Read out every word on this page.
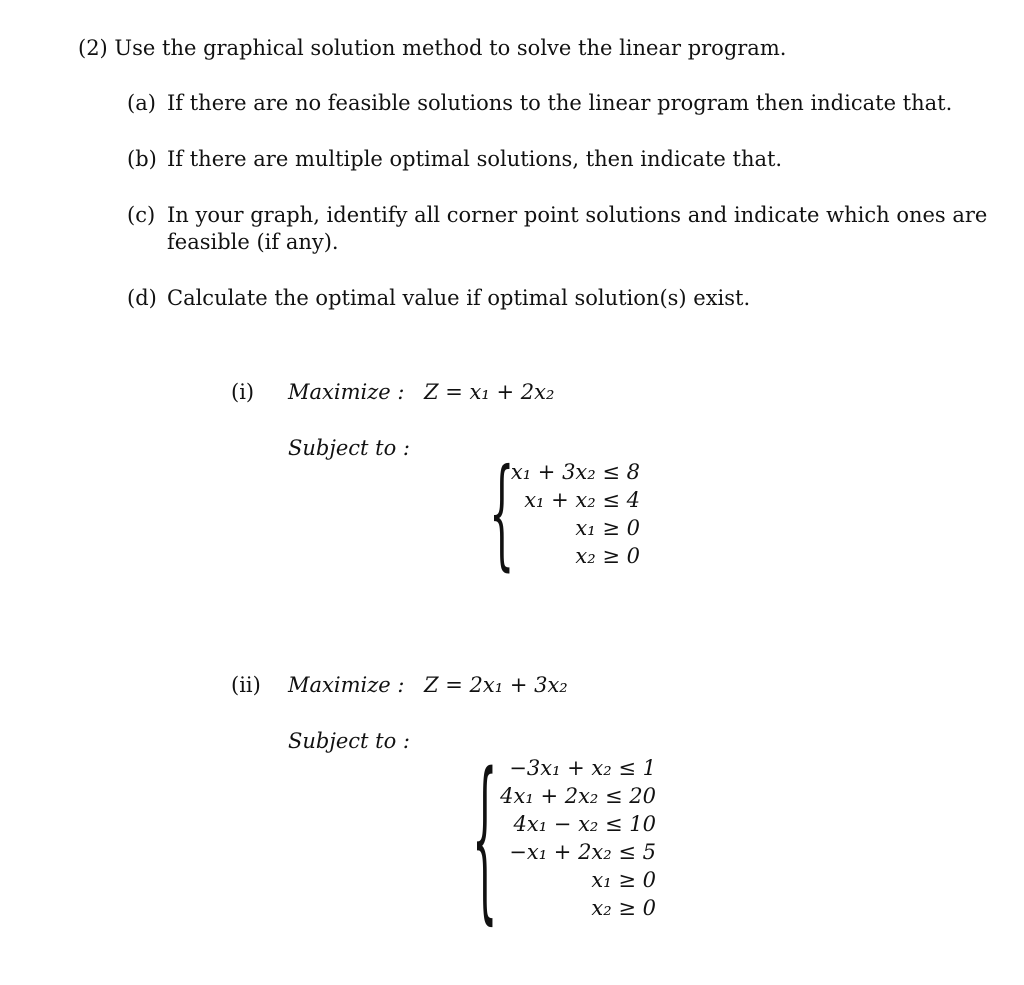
(2) Use the graphical solution method to solve the linear program.
(a) If there are no feasible solutions to the linear program then indicate that.
(b) If there are multiple optimal solutions, then indicate that.
(c) In your graph, identify all corner point solutions and indicate which ones are
feasible (if any).
(d) Calculate the optimal value if optimal solution(s) exist.
(i) Maximize : Z = x₁ + 2x₂
Subject to : {
x₁ + 3x₂ ≤ 8
x₁ + x₂ ≤ 4
x₁ ≥ 0
x₂ ≥ 0
(ii) Maximize : Z = 2x₁ + 3x₂
Subject to : { −3x₁ + x₂ ≤ 1
4x₁ + 2x₂ ≤ 20
4x₁ − x₂ ≤ 10
−x₁ + 2x₂ ≤ 5
x₁ ≥ 0
x₂ ≥ 0
